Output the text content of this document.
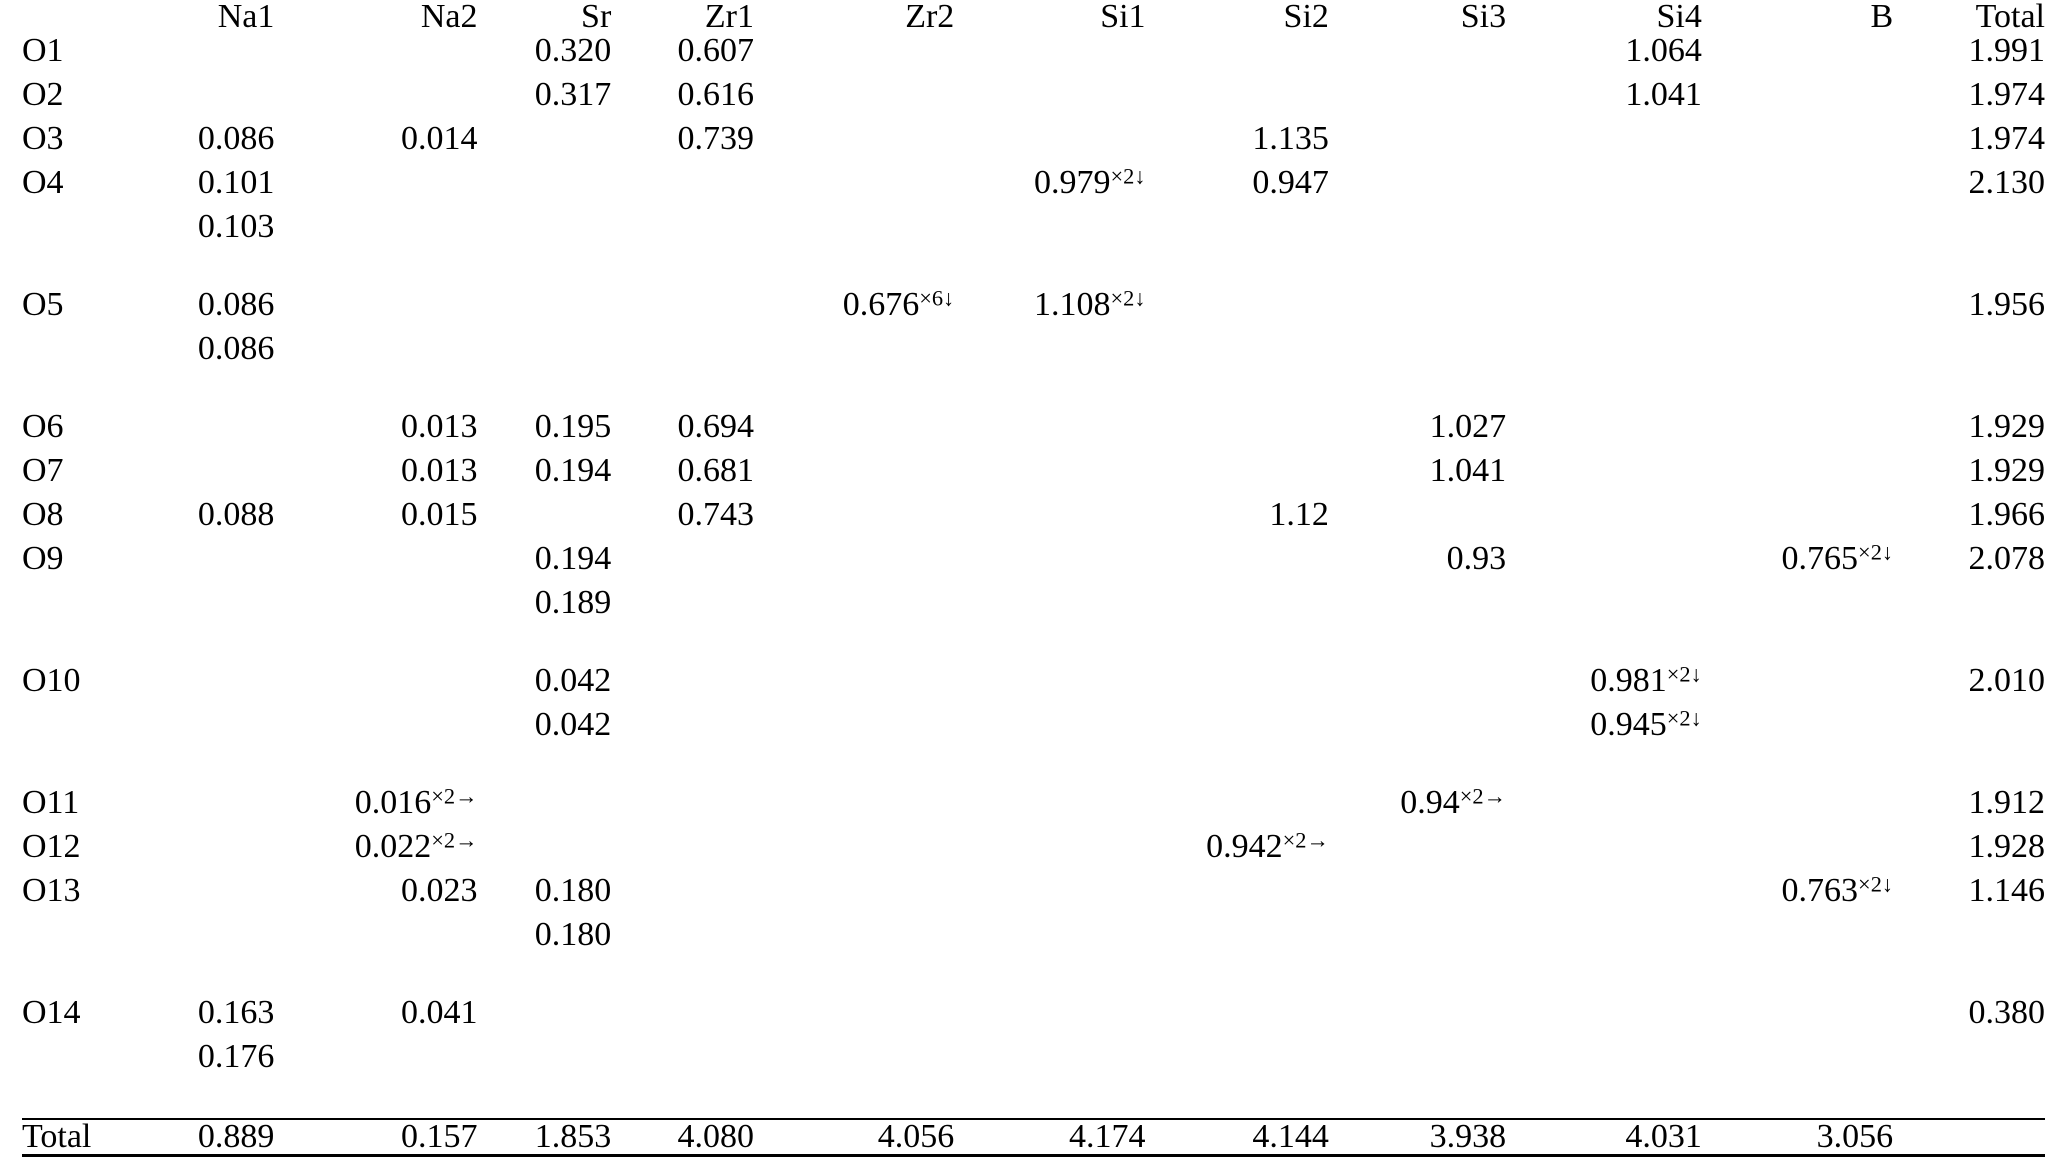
	Na1	Na2	Sr	Zr1	Zr2	Si1	Si2	Si3	Si4	B	Total
O1			0.320	0.607					1.064		1.991
O2			0.317	0.616					1.041		1.974
O3	0.086	0.014		0.739			1.135				1.974
O4	0.101					$0.979^{\times 2↓}$	0.947				2.130
	0.103										

O5	0.086				$0.676^{\times 6↓}$	$1.108^{\times 2↓}$					1.956
	0.086										

O6		0.013	0.195	0.694				1.027			1.929
O7		0.013	0.194	0.681				1.041			1.929
O8	0.088	0.015		0.743			1.12				1.966
O9			0.194					0.93		$0.765^{\times 2↓}$	2.078
			0.189								

O10			0.042						$0.981^{\times 2↓}$		2.010
			0.042						$0.945^{\times 2↓}$		

O11		$0.016^{\times 2\to}$						$0.94^{\times 2\to}$			1.912
O12		$0.022^{\times 2\to}$					$0.942^{\times 2\to}$				1.928
O13		0.023	0.180							$0.763^{\times 2↓}$	1.146
			0.180								

O14	0.163	0.041									0.380
	0.176										

Total	0.889	0.157	1.853	4.080	4.056	4.174	4.144	3.938	4.031	3.056	
